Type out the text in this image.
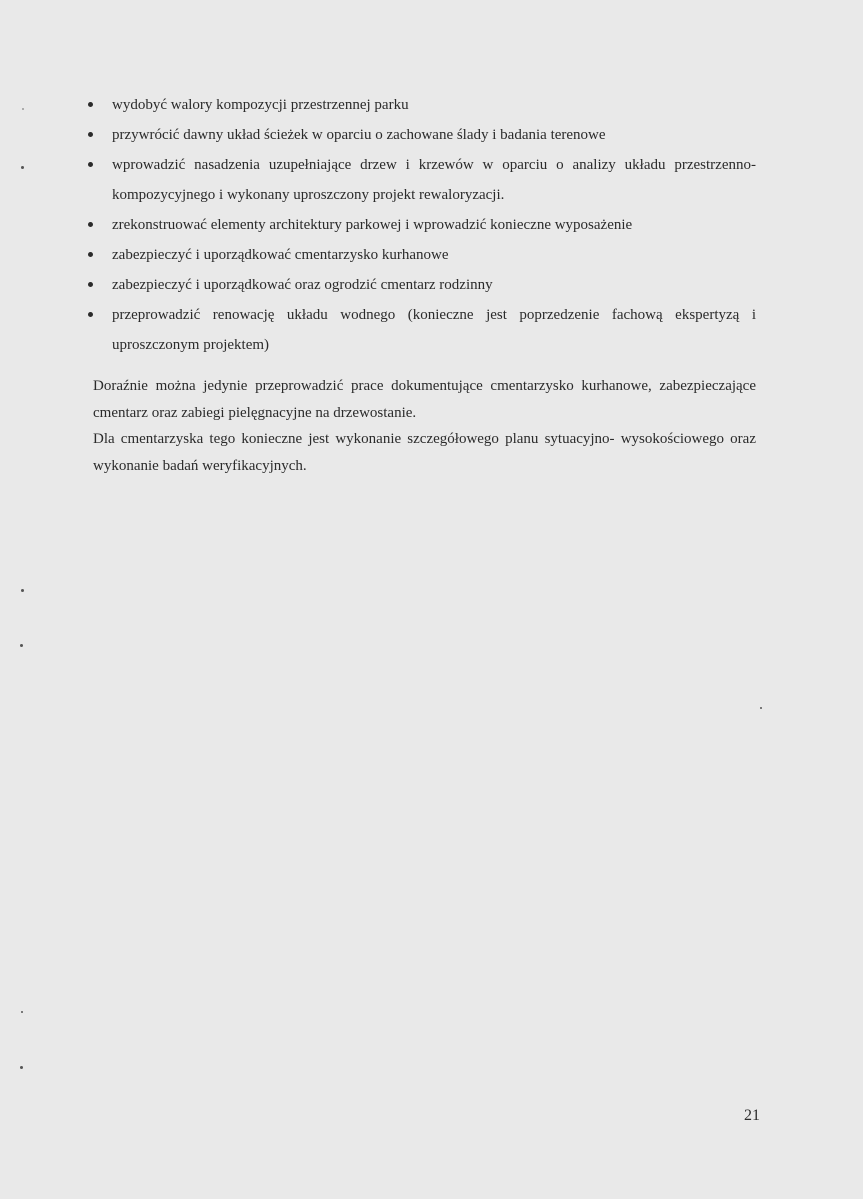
wydobyć walory kompozycji przestrzennej parku
przywrócić dawny układ ścieżek w oparciu o zachowane ślady i badania terenowe
wprowadzić nasadzenia uzupełniające drzew i krzewów w oparciu o analizy układu przestrzenno-kompozycyjnego i wykonany uproszczony projekt rewaloryzacji.
zrekonstruować elementy architektury parkowej i wprowadzić konieczne wyposażenie
zabezpieczyć i uporządkować cmentarzysko kurhanowe
zabezpieczyć i uporządkować oraz ogrodzić cmentarz rodzinny
przeprowadzić renowację układu wodnego (konieczne jest poprzedzenie fachową ekspertyzą i uproszczonym projektem)

Doraźnie można jedynie przeprowadzić prace dokumentujące cmentarzysko kurhanowe, zabezpieczające cmentarz oraz zabiegi pielęgnacyjne na drzewostanie.

Dla cmentarzyska tego konieczne jest wykonanie szczegółowego planu sytuacyjno- wysokościowego oraz wykonanie badań weryfikacyjnych.

21
